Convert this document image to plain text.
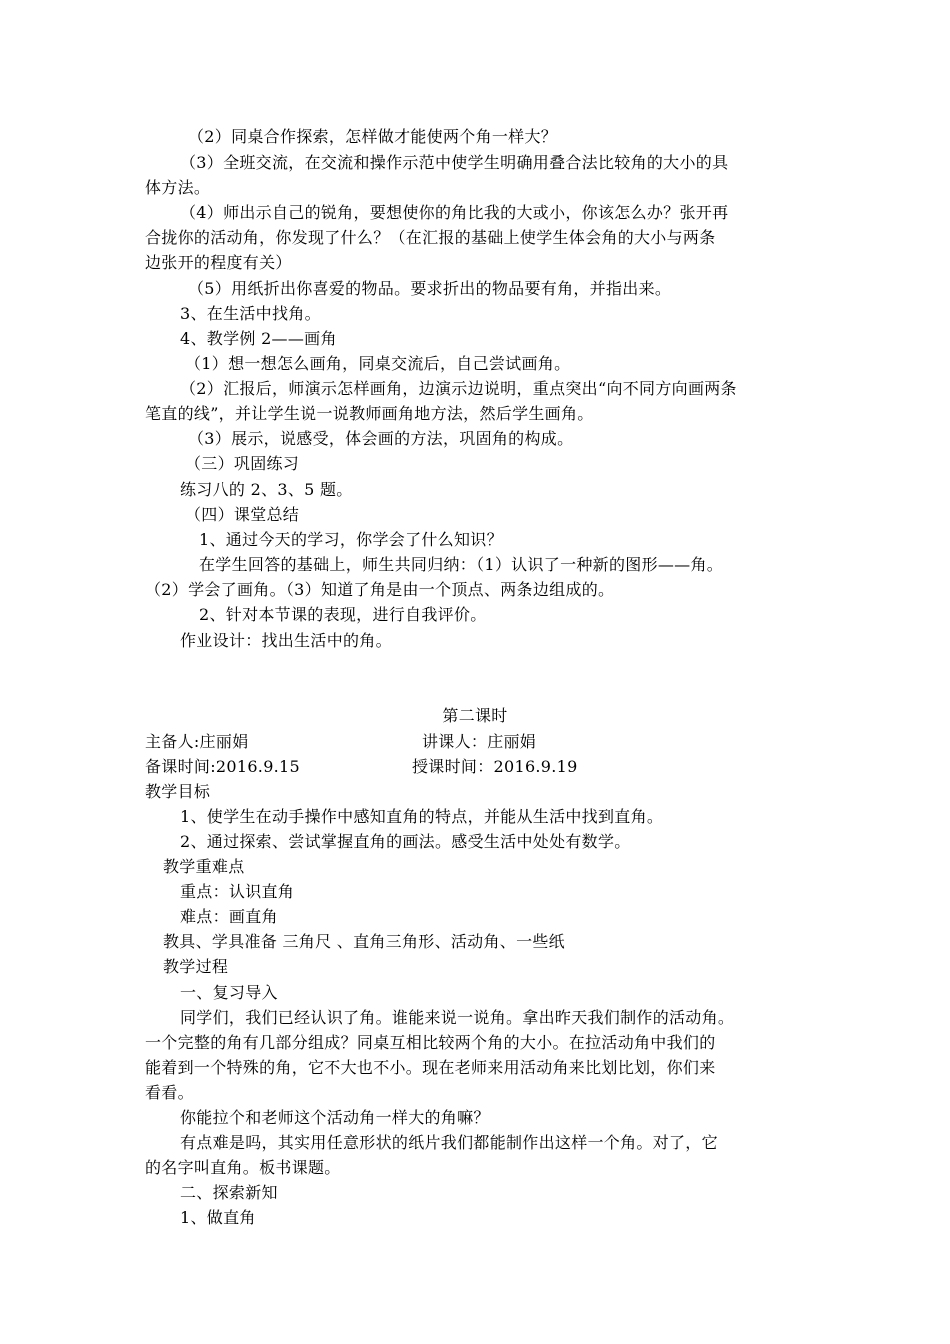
（2）同桌合作探索，怎样做才能使两个角一样大？
（3）全班交流，在交流和操作示范中使学生明确用叠合法比较角的大小的具
体方法。
（4）师出示自己的锐角，要想使你的角比我的大或小，你该怎么办？张开再
合拢你的活动角，你发现了什么？（在汇报的基础上使学生体会角的大小与两条
边张开的程度有关）
（5）用纸折出你喜爱的物品。要求折出的物品要有角，并指出来。
3、在生活中找角。
4、教学例 2——画角
（1）想一想怎么画角，同桌交流后，自己尝试画角。
（2）汇报后，师演示怎样画角，边演示边说明，重点突出“向不同方向画两条
笔直的线”，并让学生说一说教师画角地方法，然后学生画角。
（3）展示，说感受，体会画的方法，巩固角的构成。
（三）巩固练习
练习八的 2、3、5 题。
（四）课堂总结
1、通过今天的学习，你学会了什么知识？
在学生回答的基础上，师生共同归纳：（1）认识了一种新的图形——角。
（2）学会了画角。（3）知道了角是由一个顶点、两条边组成的。
2、针对本节课的表现，进行自我评价。
作业设计：找出生活中的角。
第二课时
主备人:庄丽娟	讲课人：庄丽娟
备课时间:2016.9.15	授课时间：2016.9.19
教学目标
1、使学生在动手操作中感知直角的特点，并能从生活中找到直角。
2、通过探索、尝试掌握直角的画法。感受生活中处处有数学。
教学重难点
重点：认识直角
难点：画直角
教具、学具准备 三角尺 、直角三角形、活动角、一些纸
教学过程
一、复习导入
同学们，我们已经认识了角。谁能来说一说角。拿出昨天我们制作的活动角。
一个完整的角有几部分组成？同桌互相比较两个角的大小。在拉活动角中我们的
能着到一个特殊的角，它不大也不小。现在老师来用活动角来比划比划，你们来
看看。
你能拉个和老师这个活动角一样大的角嘛？
有点难是吗，其实用任意形状的纸片我们都能制作出这样一个角。对了，它
的名字叫直角。板书课题。
二、探索新知
1、做直角
